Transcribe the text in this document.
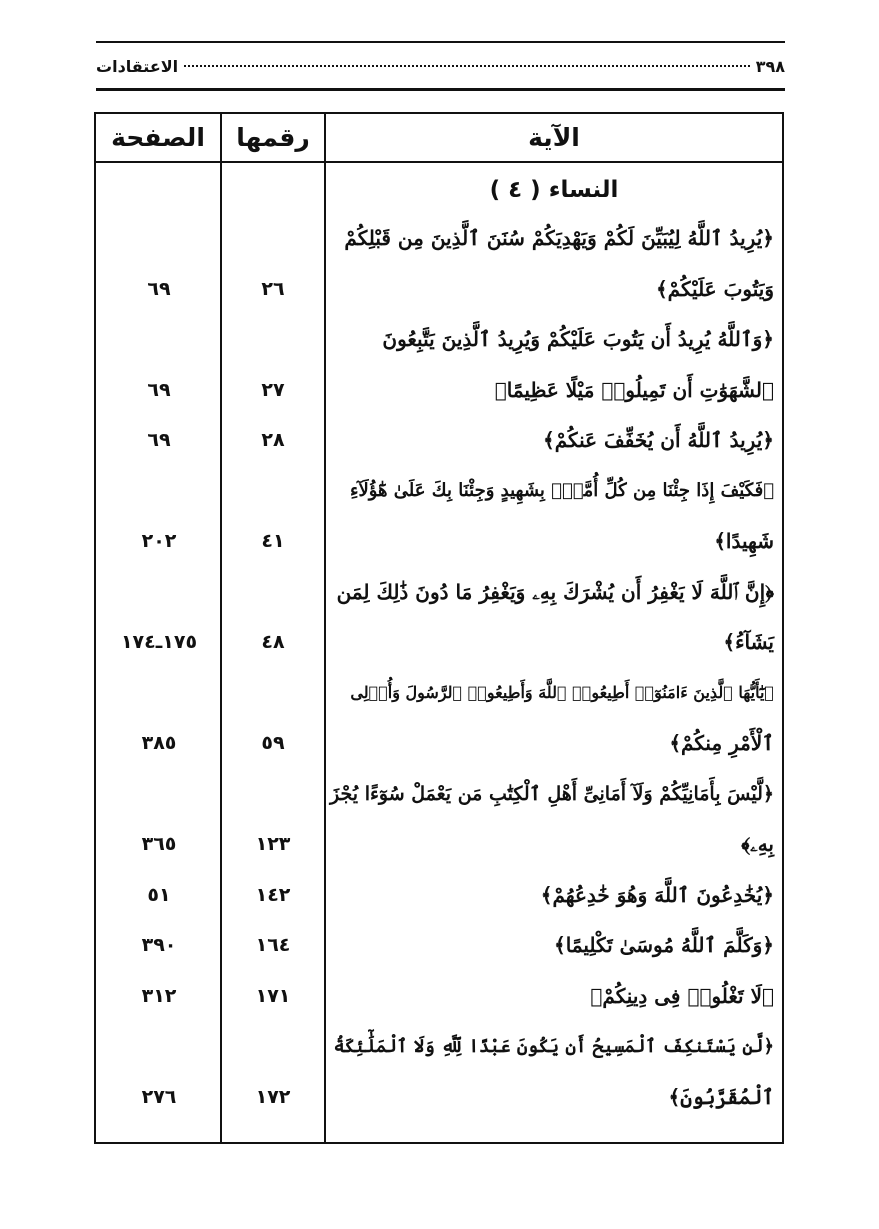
٣٩٨
الاعتقادات
الصفحة	رقمها	الآية
النساء ( ٤ )
﴿يُرِيدُ ٱللَّهُ لِيُبَيِّنَ لَكُمْ وَيَهْدِيَكُمْ سُنَنَ ٱلَّذِينَ مِن قَبْلِكُمْ
وَيَتُوبَ عَلَيْكُمْ﴾
٢٦
٦٩
﴿وَٱللَّهُ يُرِيدُ أَن يَتُوبَ عَلَيْكُمْ وَيُرِيدُ ٱلَّذِينَ يَتَّبِعُونَ
ٱلشَّهَوَٰتِ أَن تَمِيلُوا۟ مَيْلًا عَظِيمًا﴾
٢٧
٦٩
﴿يُرِيدُ ٱللَّهُ أَن يُخَفِّفَ عَنكُمْ﴾
٢٨
٦٩
﴿فَكَيْفَ إِذَا جِئْنَا مِن كُلِّ أُمَّةٍۭ بِشَهِيدٍ وَجِئْنَا بِكَ عَلَىٰ هَٰٓؤُلَآءِ
شَهِيدًا﴾
٤١
٢٠٢
﴿إِنَّ ٱللَّهَ لَا يَغْفِرُ أَن يُشْرَكَ بِهِۦ وَيَغْفِرُ مَا دُونَ ذَٰلِكَ لِمَن
يَشَآءُ﴾
٤٨
١٧٥ـ١٧٤
﴿يَٰٓأَيُّهَا ٱلَّذِينَ ءَامَنُوٓا۟ أَطِيعُوا۟ ٱللَّهَ وَأَطِيعُوا۟ ٱلرَّسُولَ وَأُو۟لِى
ٱلْأَمْرِ مِنكُمْ﴾
٥٩
٣٨٥
﴿لَّيْسَ بِأَمَانِيِّكُمْ وَلَآ أَمَانِىِّ أَهْلِ ٱلْكِتَٰبِ مَن يَعْمَلْ سُوٓءًا يُجْزَ
بِهِۦ﴾
١٢٣
٣٦٥
﴿يُخَٰدِعُونَ ٱللَّهَ وَهُوَ خَٰدِعُهُمْ﴾
١٤٢
٥١
﴿وَكَلَّمَ ٱللَّهُ مُوسَىٰ تَكْلِيمًا﴾
١٦٤
٣٩٠
﴿لَا تَغْلُوا۟ فِى دِينِكُمْ﴾
١٧١
٣١٢
﴿لَّن يَسْتَنكِفَ ٱلْمَسِيحُ أَن يَكُونَ عَبْدًا لِّلَّهِ وَلَا ٱلْمَلَٰٓئِكَةُ
ٱلْمُقَرَّبُونَ﴾
١٧٢
٢٧٦
